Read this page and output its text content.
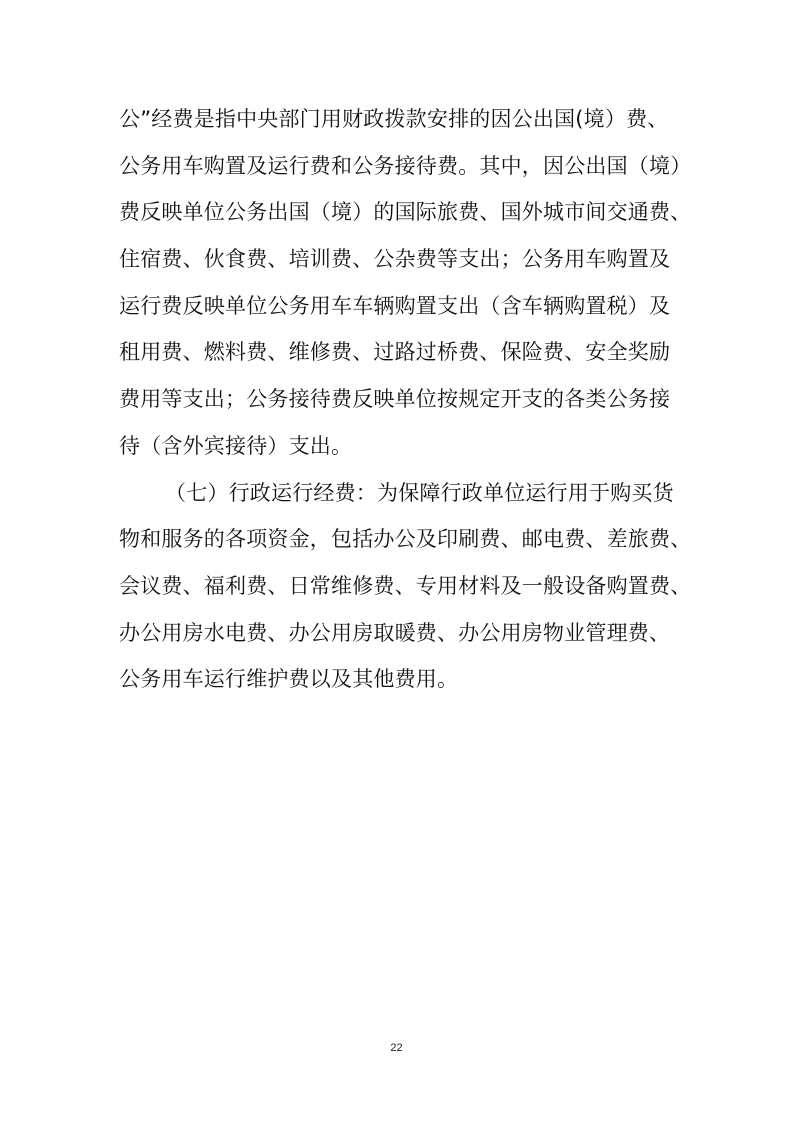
公”经费是指中央部门用财政拨款安排的因公出国(境）费、
公务用车购置及运行费和公务接待费。其中，因公出国（境）
费反映单位公务出国（境）的国际旅费、国外城市间交通费、
住宿费、伙食费、培训费、公杂费等支出；公务用车购置及
运行费反映单位公务用车车辆购置支出（含车辆购置税）及
租用费、燃料费、维修费、过路过桥费、保险费、安全奖励
费用等支出；公务接待费反映单位按规定开支的各类公务接
待（含外宾接待）支出。
（七）行政运行经费：为保障行政单位运行用于购买货
物和服务的各项资金，包括办公及印刷费、邮电费、差旅费、
会议费、福利费、日常维修费、专用材料及一般设备购置费、
办公用房水电费、办公用房取暖费、办公用房物业管理费、
公务用车运行维护费以及其他费用。
22
